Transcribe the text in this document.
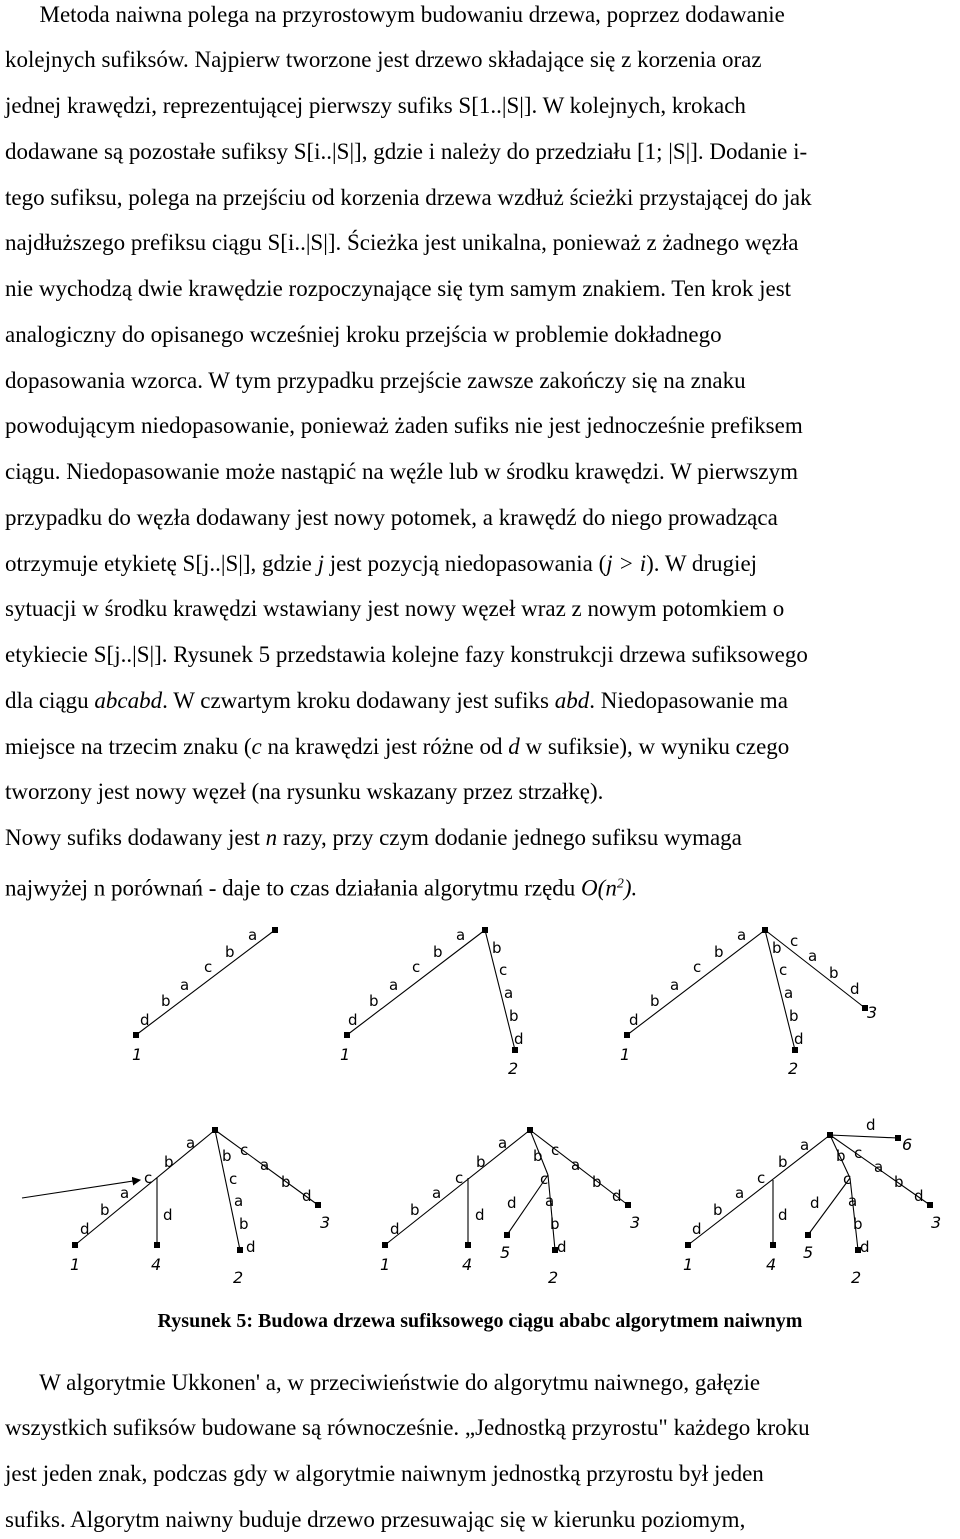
Metoda naiwna polega na przyrostowym budowaniu drzewa, poprzez dodawanie
kolejnych sufiksów. Najpierw tworzone jest drzewo składające się z korzenia oraz
jednej krawędzi, reprezentującej pierwszy sufiks S[1..|S|]. W kolejnych, krokach
dodawane są pozostałe sufiksy S[i..|S|], gdzie i należy do przedziału [1; |S|]. Dodanie i-
tego sufiksu, polega na przejściu od korzenia drzewa wzdłuż ścieżki przystającej do jak
najdłuższego prefiksu ciągu S[i..|S|]. Ścieżka jest unikalna, ponieważ z żadnego węzła
nie wychodzą dwie krawędzie rozpoczynające się tym samym znakiem. Ten krok jest
analogiczny do opisanego wcześniej kroku przejścia w problemie dokładnego
dopasowania wzorca. W tym przypadku przejście zawsze zakończy się na znaku
powodującym niedopasowanie, ponieważ żaden sufiks nie jest jednocześnie prefiksem
ciągu. Niedopasowanie może nastąpić na węźle lub w środku krawędzi. W pierwszym
przypadku do węzła dodawany jest nowy potomek, a krawędź do niego prowadząca
otrzymuje etykietę S[j..|S|], gdzie j jest pozycją niedopasowania (j > i). W drugiej
sytuacji w środku krawędzi wstawiany jest nowy węzeł wraz z nowym potomkiem o
etykiecie S[j..|S|]. Rysunek 5 przedstawia kolejne fazy konstrukcji drzewa sufiksowego
dla ciągu abcabd. W czwartym kroku dodawany jest sufiks abd. Niedopasowanie ma
miejsce na trzecim znaku (c na krawędzi jest różne od d w sufiksie), w wyniku czego
tworzony jest nowy węzeł (na rysunku wskazany przez strzałkę).
Nowy sufiks dodawany jest n razy, przy czym dodanie jednego sufiksu wymaga
najwyżej n porównań - daje to czas działania algorytmu rzędu $O(n^2)$.
d
b
a
c
b
a
1
d
b
a
c
b
a
b
c
a
b
d
1
2
d
b
a
c
b
a
b
c
a
b
d
c
a
b
d
1
2
3
d
b
a
c
b
a
d
b
c
a
b
d
c
a
b
d
1	4
2
3	d
b
a
c
b
a
d
b
c
a
b
d
d
c
a
b
d
1	4
5
2
3	d
b
a
c
b
a
d
b
c
a
b
d
d
c
a
b
d
d
1	4
5
2
3
6
Rysunek 5: Budowa drzewa sufiksowego ciągu ababc algorytmem naiwnym
W algorytmie Ukkonen' a, w przeciwieństwie do algorytmu naiwnego, gałęzie
wszystkich sufiksów budowane są równocześnie. „Jednostką przyrostu" każdego kroku
jest jeden znak, podczas gdy w algorytmie naiwnym jednostką przyrostu był jeden
sufiks. Algorytm naiwny buduje drzewo przesuwając się w kierunku poziomym,
